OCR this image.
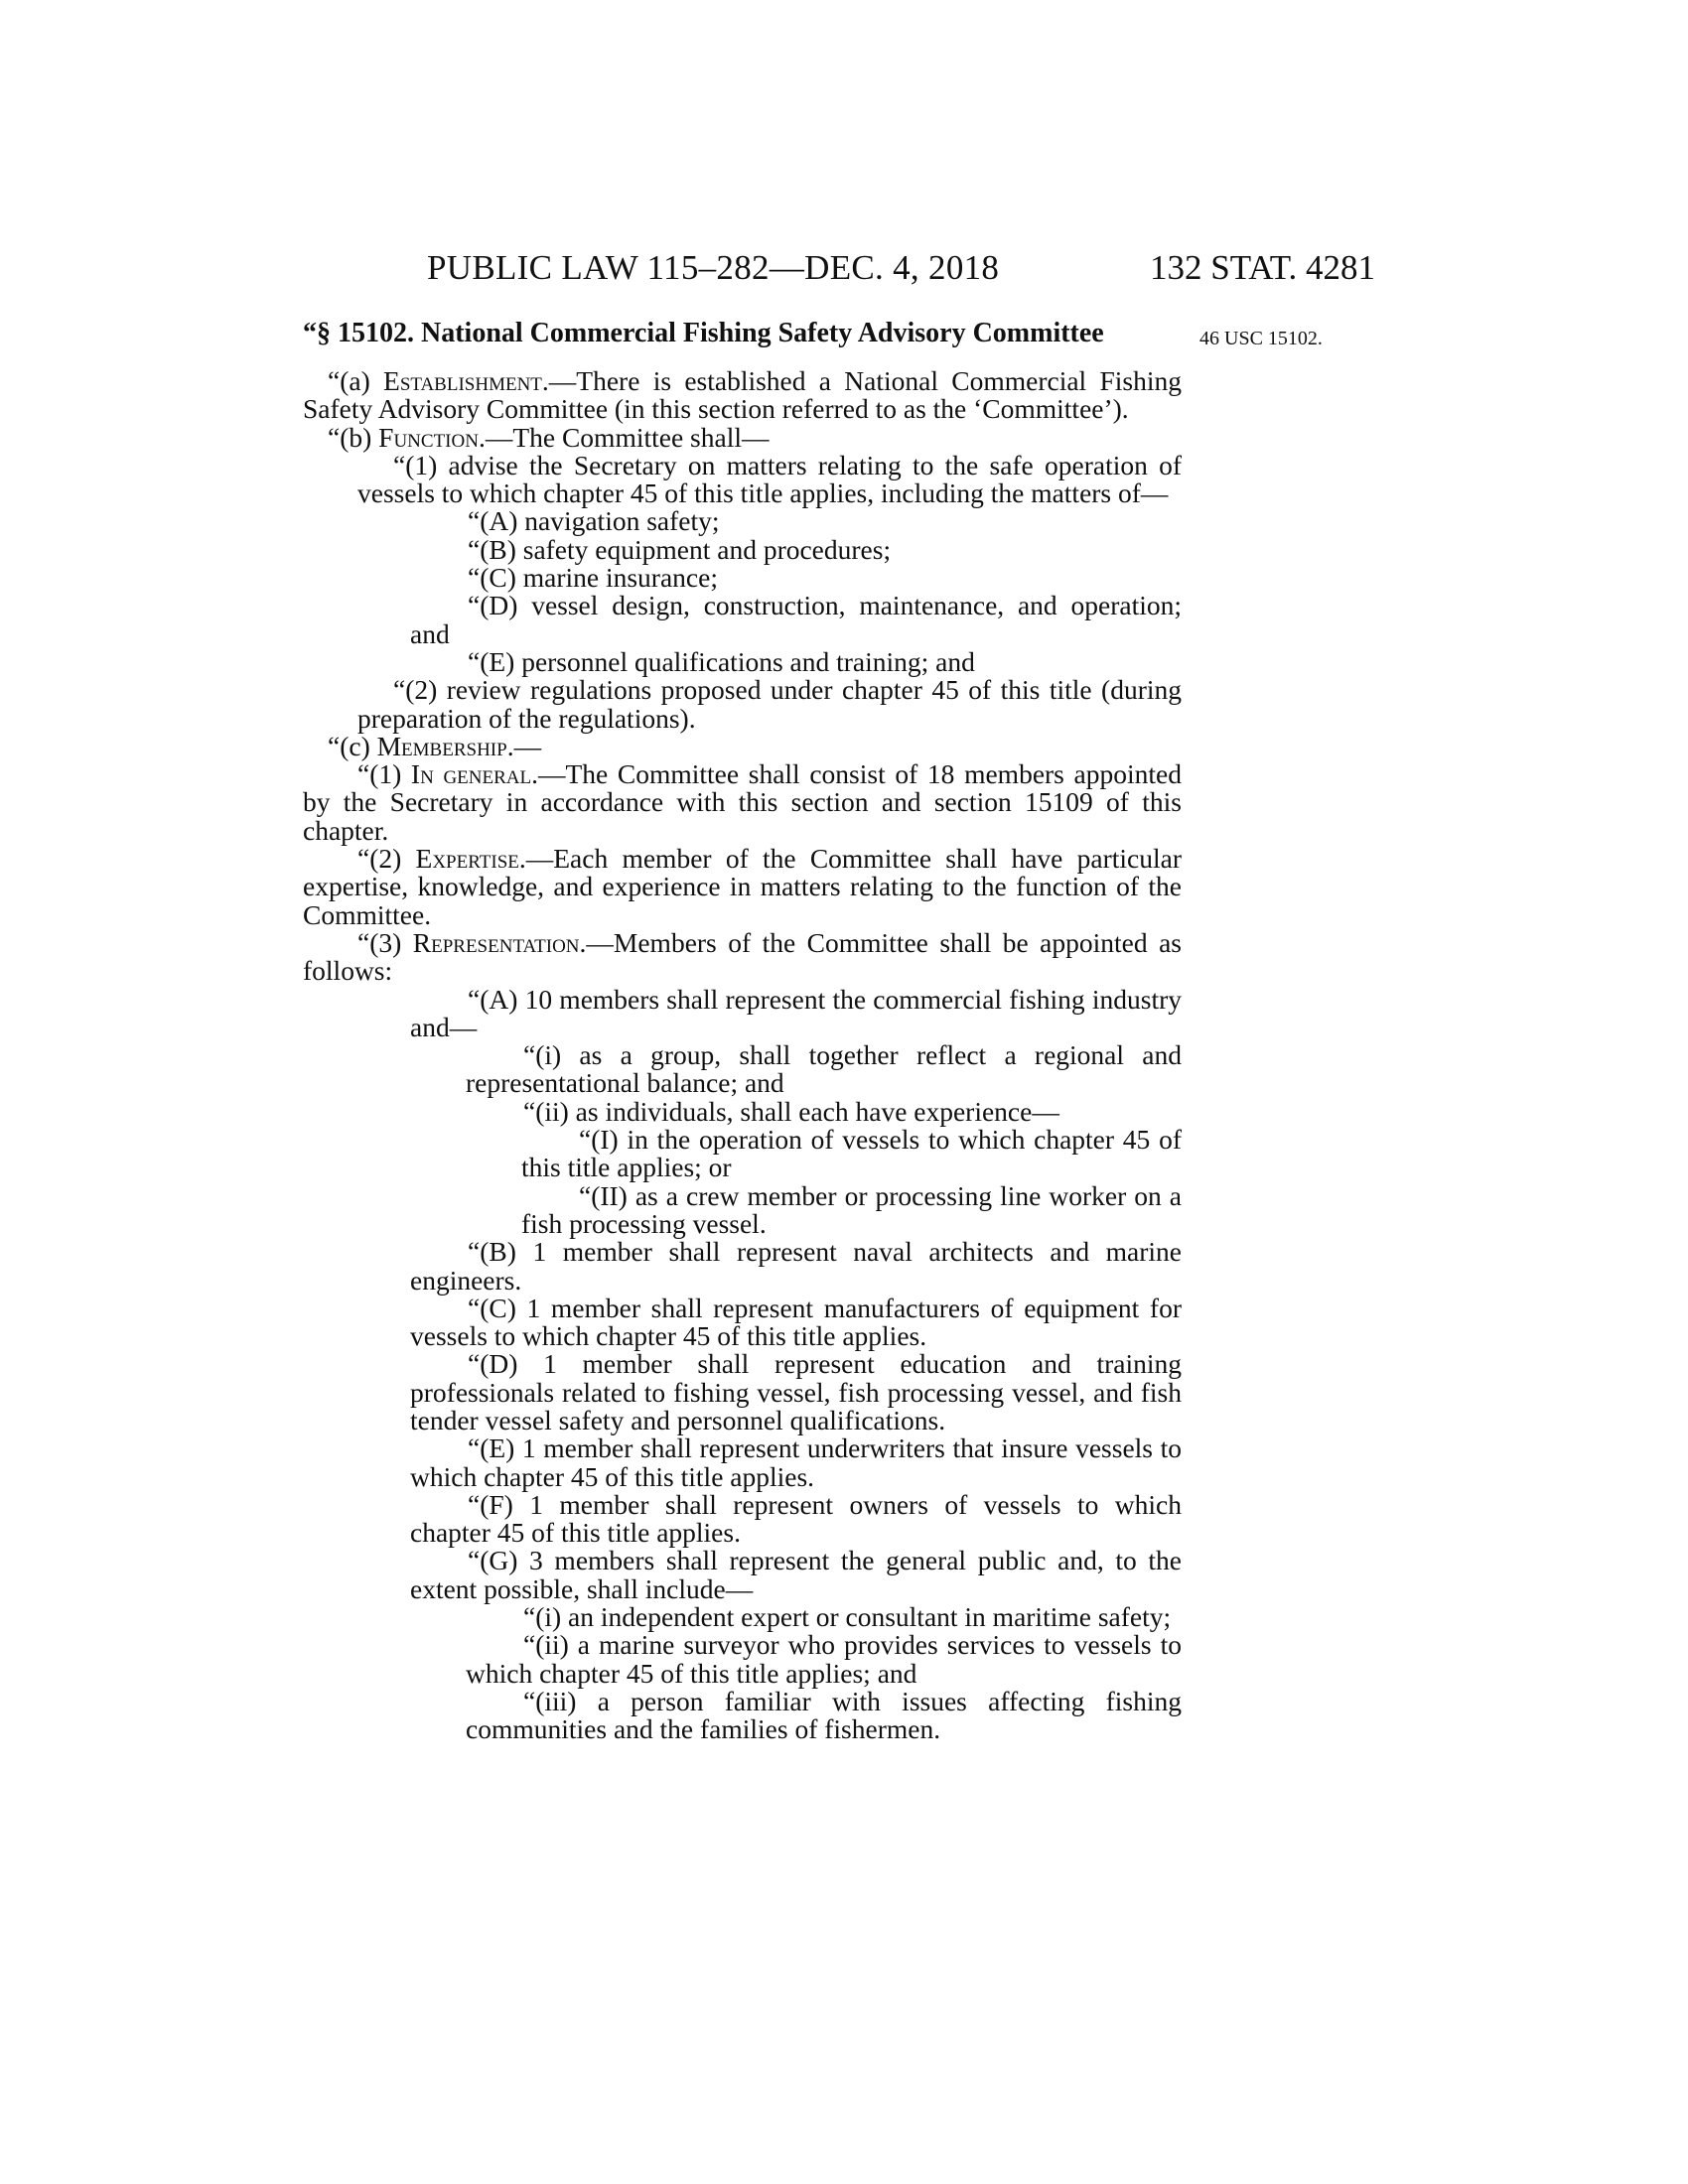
PUBLIC LAW 115–282—DEC. 4, 2018	132 STAT. 4281
46 USC 15102.
“§ 15102. National Commercial Fishing Safety Advisory Committee

“(a) Establishment.—There is established a National Commercial Fishing Safety Advisory Committee (in this section referred to as the ‘Committee’).

“(b) Function.—The Committee shall—

“(1) advise the Secretary on matters relating to the safe operation of vessels to which chapter 45 of this title applies, including the matters of—

“(A) navigation safety;

“(B) safety equipment and procedures;

“(C) marine insurance;

“(D) vessel design, construction, maintenance, and operation; and

“(E) personnel qualifications and training; and

“(2) review regulations proposed under chapter 45 of this title (during preparation of the regulations).

“(c) Membership.—

“(1) In general.—The Committee shall consist of 18 members appointed by the Secretary in accordance with this section and section 15109 of this chapter.

“(2) Expertise.—Each member of the Committee shall have particular expertise, knowledge, and experience in matters relating to the function of the Committee.

“(3) Representation.—Members of the Committee shall be appointed as follows:

“(A) 10 members shall represent the commercial fishing industry and—

“(i) as a group, shall together reflect a regional and representational balance; and

“(ii) as individuals, shall each have experience—

“(I) in the operation of vessels to which chapter 45 of this title applies; or

“(II) as a crew member or processing line worker on a fish processing vessel.

“(B) 1 member shall represent naval architects and marine engineers.

“(C) 1 member shall represent manufacturers of equipment for vessels to which chapter 45 of this title applies.

“(D) 1 member shall represent education and training professionals related to fishing vessel, fish processing vessel, and fish tender vessel safety and personnel qualifications.

“(E) 1 member shall represent underwriters that insure vessels to which chapter 45 of this title applies.

“(F) 1 member shall represent owners of vessels to which chapter 45 of this title applies.

“(G) 3 members shall represent the general public and, to the extent possible, shall include—

“(i) an independent expert or consultant in maritime safety;

“(ii) a marine surveyor who provides services to vessels to which chapter 45 of this title applies; and

“(iii) a person familiar with issues affecting fishing communities and the families of fishermen.
